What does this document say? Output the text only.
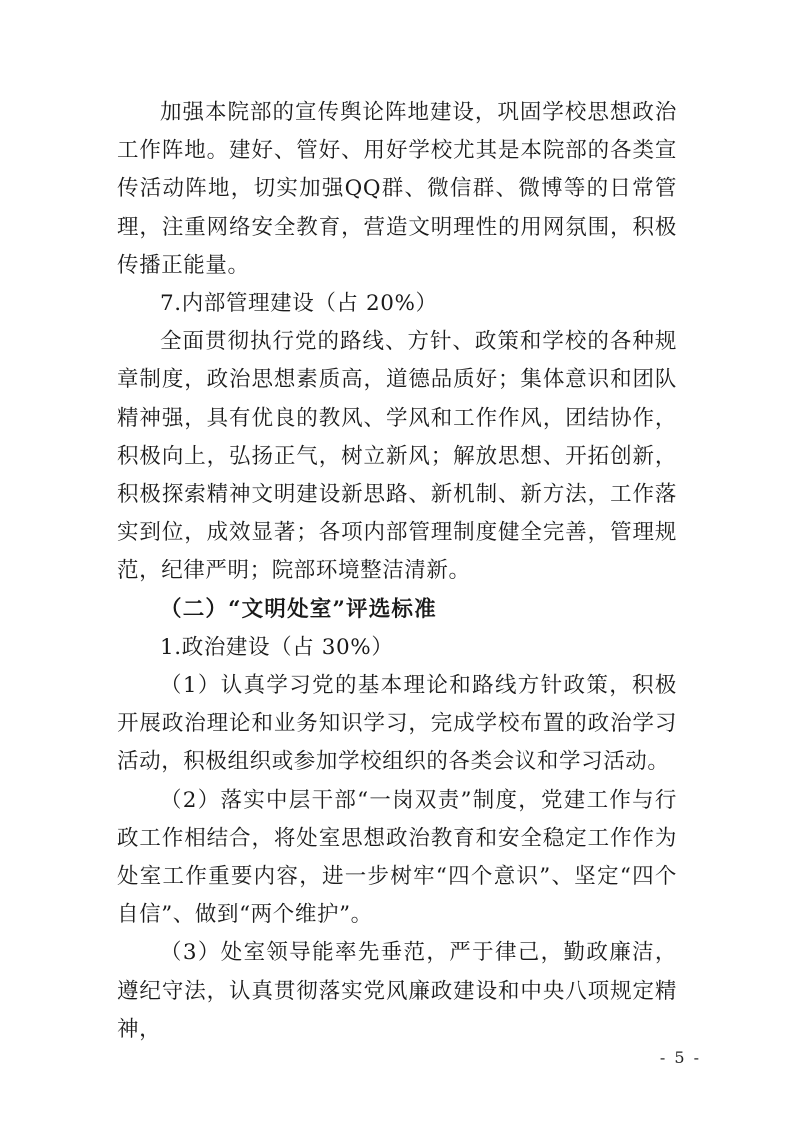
加强本院部的宣传舆论阵地建设，巩固学校思想政治工作阵地。建好、管好、用好学校尤其是本院部的各类宣传活动阵地，切实加强QQ群、微信群、微博等的日常管理，注重网络安全教育，营造文明理性的用网氛围，积极传播正能量。

7.内部管理建设（占 20%）

全面贯彻执行党的路线、方针、政策和学校的各种规章制度，政治思想素质高，道德品质好；集体意识和团队精神强，具有优良的教风、学风和工作作风，团结协作，积极向上，弘扬正气，树立新风；解放思想、开拓创新，积极探索精神文明建设新思路、新机制、新方法，工作落实到位，成效显著；各项内部管理制度健全完善，管理规范，纪律严明；院部环境整洁清新。

（二）“文明处室”评选标准

1.政治建设（占 30%）

（1）认真学习党的基本理论和路线方针政策，积极开展政治理论和业务知识学习，完成学校布置的政治学习活动，积极组织或参加学校组织的各类会议和学习活动。

（2）落实中层干部“一岗双责”制度，党建工作与行政工作相结合，将处室思想政治教育和安全稳定工作作为处室工作重要内容，进一步树牢“四个意识”、坚定“四个自信”、做到“两个维护”。

（3）处室领导能率先垂范，严于律己，勤政廉洁，遵纪守法，认真贯彻落实党风廉政建设和中央八项规定精神，

- 5 -
